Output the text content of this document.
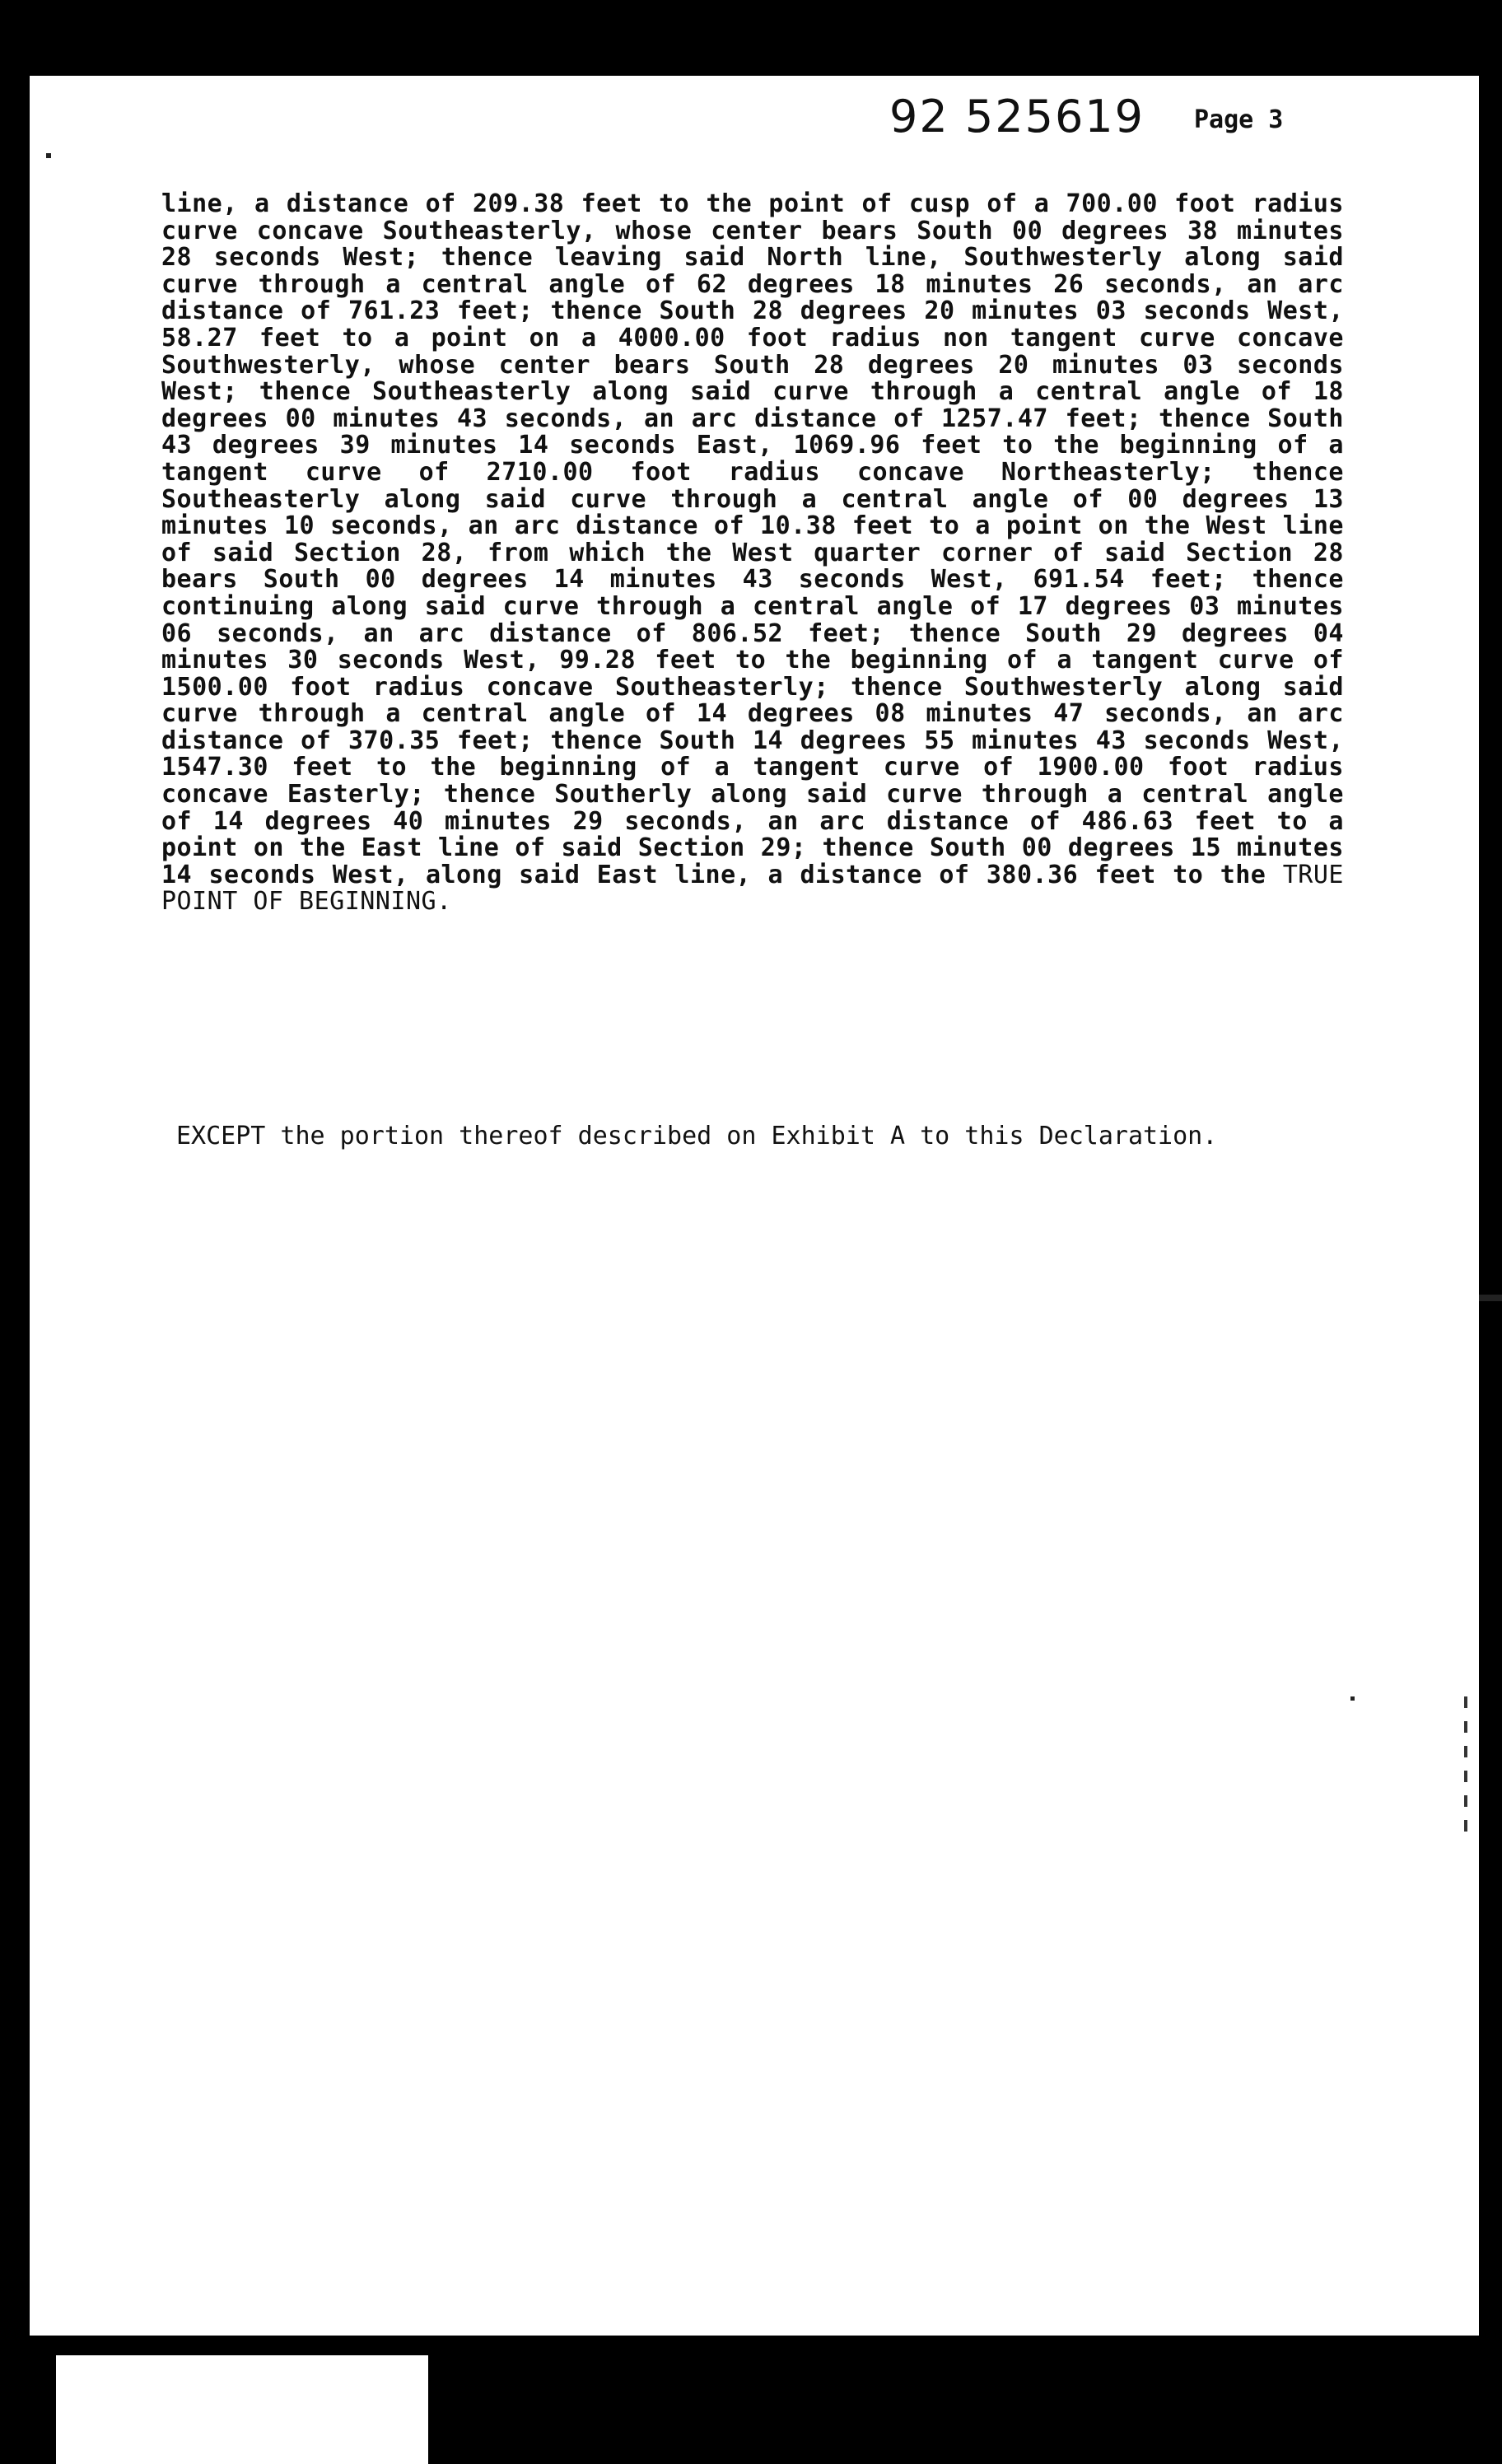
92 525619 Page 3
line, a distance of 209.38 feet to the point of cusp of a 700.00 foot radius curve concave Southeasterly, whose center bears South 00 degrees 38 minutes 28 seconds West; thence leaving said North line, Southwesterly along said curve through a central angle of 62 degrees 18 minutes 26 seconds, an arc distance of 761.23 feet; thence South 28 degrees 20 minutes 03 seconds West, 58.27 feet to a point on a 4000.00 foot radius non tangent curve concave Southwesterly, whose center bears South 28 degrees 20 minutes 03 seconds West; thence Southeasterly along said curve through a central angle of 18 degrees 00 minutes 43 seconds, an arc distance of 1257.47 feet; thence South 43 degrees 39 minutes 14 seconds East, 1069.96 feet to the beginning of a tangent curve of 2710.00 foot radius concave Northeasterly; thence Southeasterly along said curve through a central angle of 00 degrees 13 minutes 10 seconds, an arc distance of 10.38 feet to a point on the West line of said Section 28, from which the West quarter corner of said Section 28 bears South 00 degrees 14 minutes 43 seconds West, 691.54 feet; thence continuing along said curve through a central angle of 17 degrees 03 minutes 06 seconds, an arc distance of 806.52 feet; thence South 29 degrees 04 minutes 30 seconds West, 99.28 feet to the beginning of a tangent curve of 1500.00 foot radius concave Southeasterly; thence Southwesterly along said curve through a central angle of 14 degrees 08 minutes 47 seconds, an arc distance of 370.35 feet; thence South 14 degrees 55 minutes 43 seconds West, 1547.30 feet to the beginning of a tangent curve of 1900.00 foot radius concave Easterly; thence Southerly along said curve through a central angle of 14 degrees 40 minutes 29 seconds, an arc distance of 486.63 feet to a point on the East line of said Section 29; thence South 00 degrees 15 minutes 14 seconds West, along said East line, a distance of 380.36 feet to the TRUE POINT OF BEGINNING.
EXCEPT the portion thereof described on Exhibit A to this Declaration.
